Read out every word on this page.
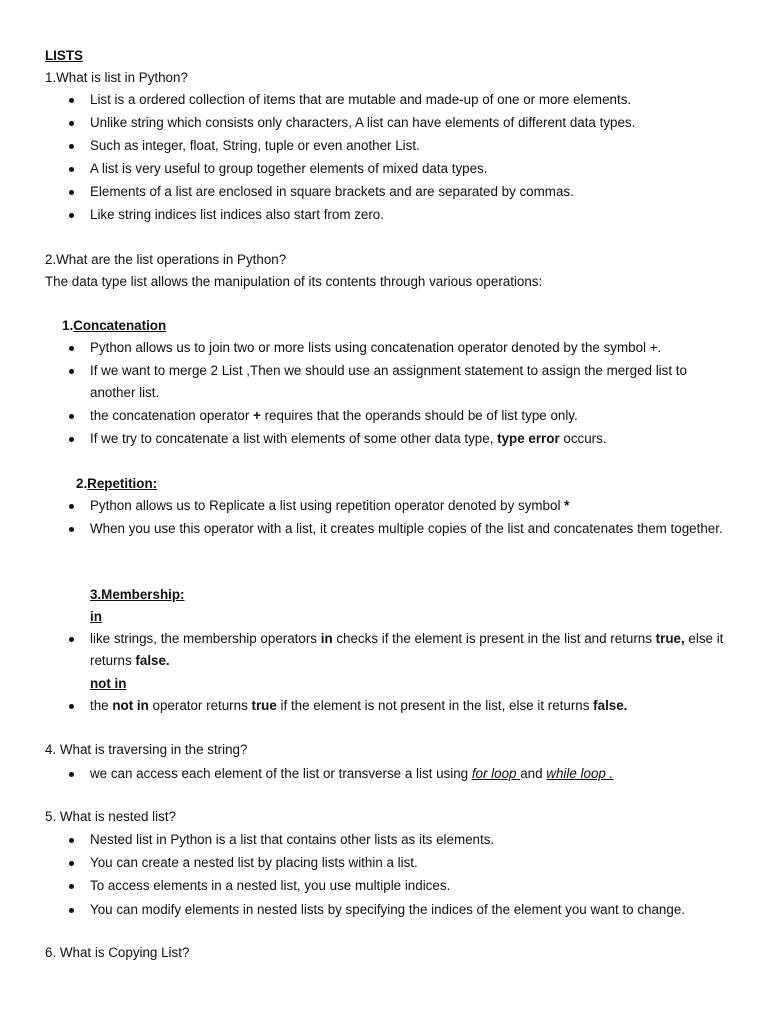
LISTS
1.What is list in Python?
List is a ordered collection of items that are mutable and made-up of one or more elements.
Unlike string which consists only characters, A list can have elements of different data types.
Such as integer, float, String, tuple or even another List.
A list is very useful to group together elements of mixed data types.
Elements of a list are enclosed in square brackets and are separated by commas.
Like string indices list indices also start from zero.
2.What are the list operations in Python?
The data type list allows the manipulation of its contents through various operations:
1.Concatenation
Python allows us to join two or more lists using concatenation operator denoted by the symbol +.
If we want to merge 2 List ,Then we should use an assignment statement to assign the merged list to another list.
the concatenation operator + requires that the operands should be of list type only.
If we try to concatenate a list with elements of some other data type, type error occurs.
2.Repetition:
Python allows us to Replicate a list using repetition operator denoted by symbol *
When you use this operator with a list, it creates multiple copies of the list and concatenates them together.
3.Membership:
in
like strings, the membership operators in checks if the element is present in the list and returns true, else it returns false.
not in
the not in operator returns true if the element is not present in the list, else it returns false.
4. What is traversing in the string?
we can access each element of the list or transverse a list using for loop and while loop .
5. What is nested list?
Nested list in Python is a list that contains other lists as its elements.
You can create a nested list by placing lists within a list.
To access elements in a nested list, you use multiple indices.
You can modify elements in nested lists by specifying the indices of the element you want to change.
6. What is Copying List?
